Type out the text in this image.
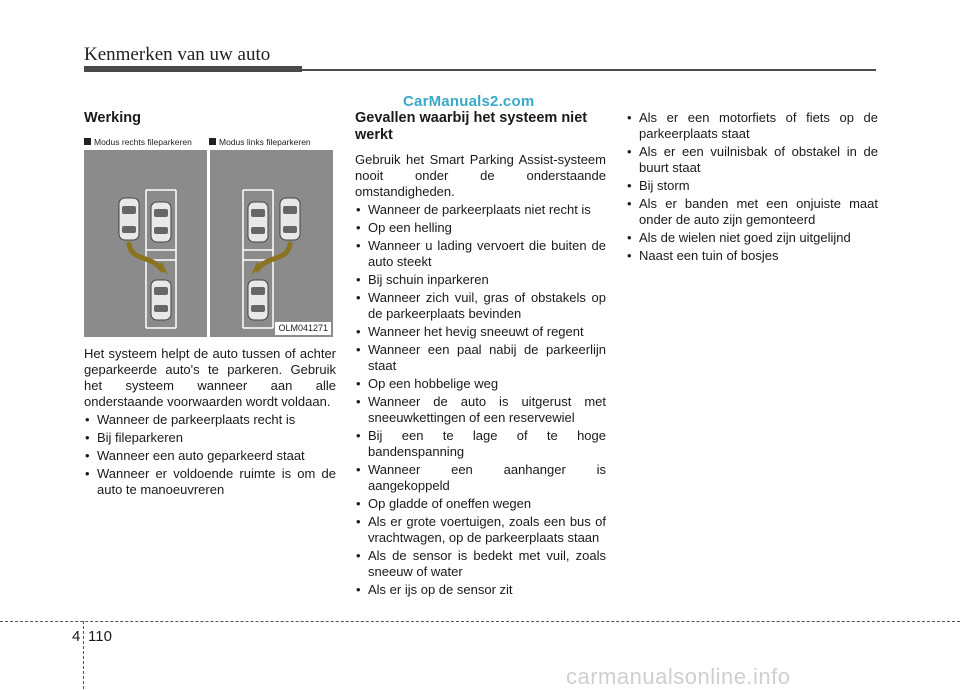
Kenmerken van uw auto
CarManuals2.com
Werking
Modus rechts fileparkeren	Modus links fileparkeren
OLM041271

Het systeem helpt de auto tussen of achter geparkeerde auto's te parkeren. Gebruik het systeem wanneer aan alle onderstaande voorwaarden wordt voldaan.

• Wanneer de parkeerplaats recht is
• Bij fileparkeren
• Wanneer een auto geparkeerd staat
• Wanneer er voldoende ruimte is om de auto te manoeuvreren
Gevallen waarbij het systeem niet werkt

Gebruik het Smart Parking Assist-systeem nooit onder de onderstaande omstandigheden.

• Wanneer de parkeerplaats niet recht is
• Op een helling
• Wanneer u lading vervoert die buiten de auto steekt
• Bij schuin inparkeren
• Wanneer zich vuil, gras of obstakels op de parkeerplaats bevinden
• Wanneer het hevig sneeuwt of regent
• Wanneer een paal nabij de parkeerlijn staat
• Op een hobbelige weg
• Wanneer de auto is uitgerust met sneeuwkettingen of een reservewiel
• Bij een te lage of te hoge bandenspanning
• Wanneer een aanhanger is aangekoppeld
• Op gladde of oneffen wegen
• Als er grote voertuigen, zoals een bus of vrachtwagen, op de parkeerplaats staan
• Als de sensor is bedekt met vuil, zoals sneeuw of water
• Als er ijs op de sensor zit
• Als er een motorfiets of fiets op de parkeerplaats staat
• Als er een vuilnisbak of obstakel in de buurt staat
• Bij storm
• Als er banden met een onjuiste maat onder de auto zijn gemonteerd
• Als de wielen niet goed zijn uitgelijnd
• Naast een tuin of bosjes
4 110
carmanualsonline.info
